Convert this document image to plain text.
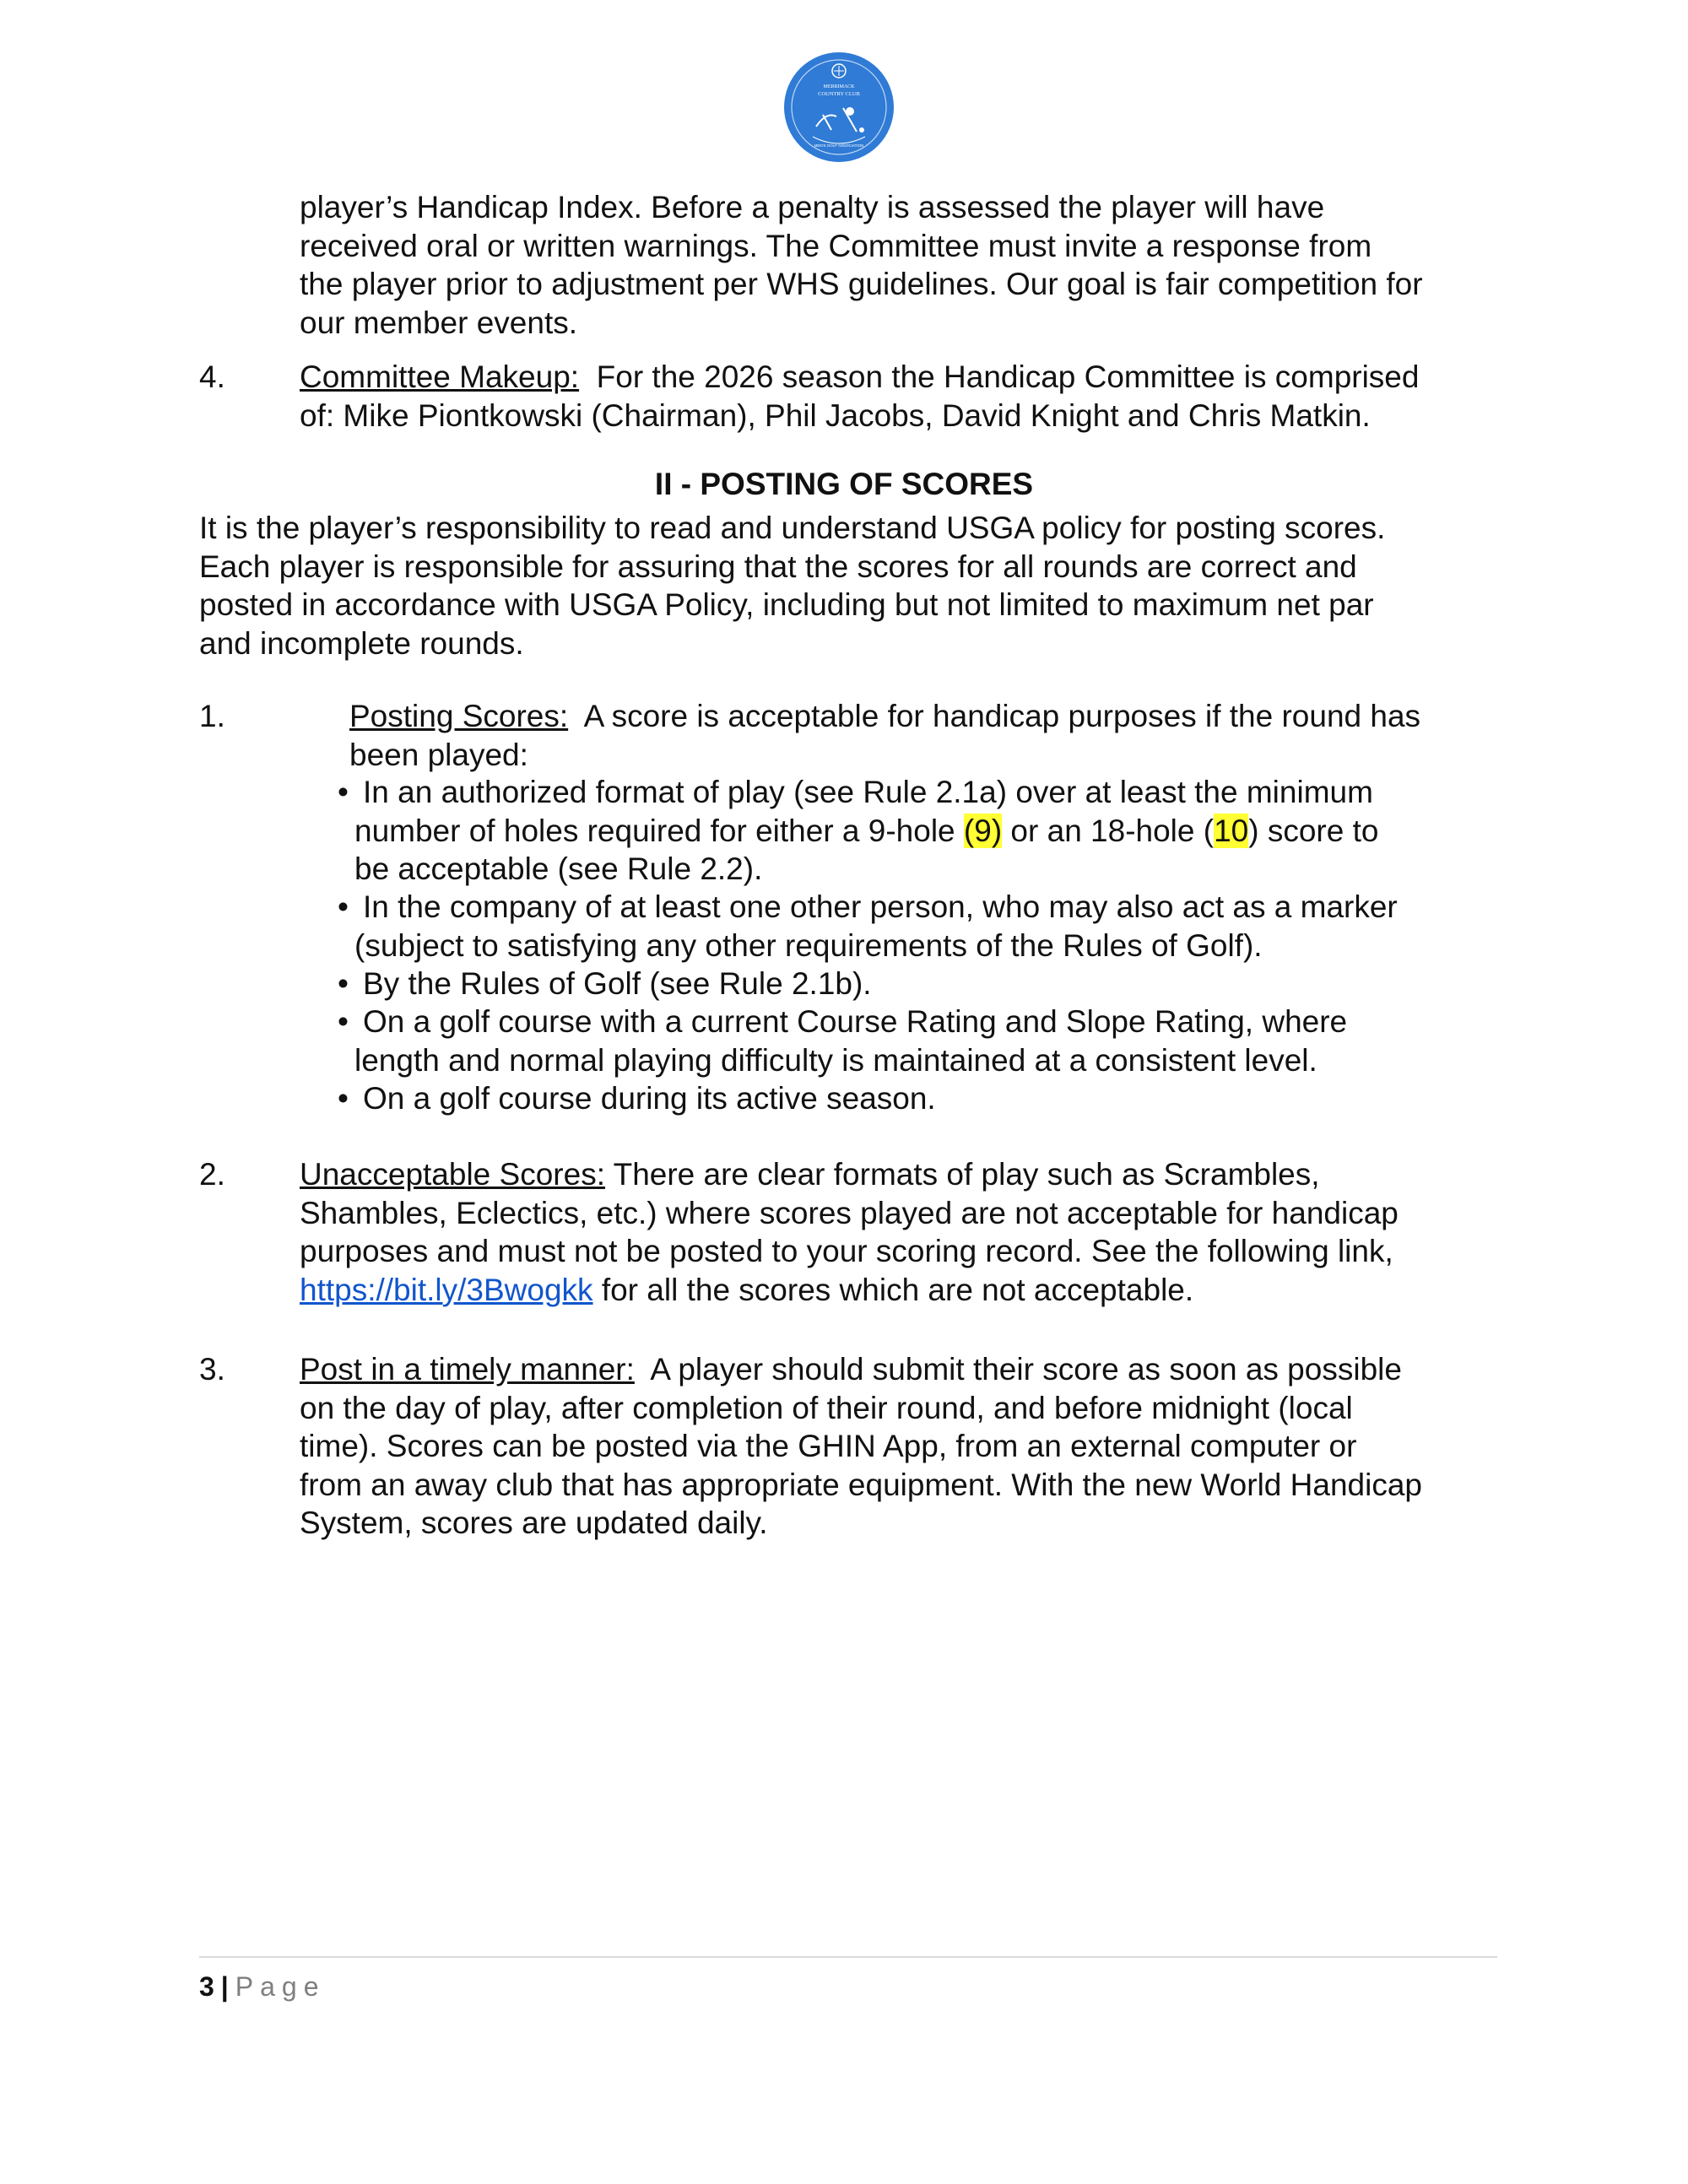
MERRIMACK
COUNTRY CLUB
MEN'S GOLF ASSOCIATION
player’s Handicap Index. Before a penalty is assessed the player will have
received oral or written warnings. The Committee must invite a response from
the player prior to adjustment per WHS guidelines. Our goal is fair competition for
our member events.
4. Committee Makeup:  For the 2026 season the Handicap Committee is comprised
of: Mike Piontkowski (Chairman), Phil Jacobs, David Knight and Chris Matkin.
II - POSTING OF SCORES
It is the player’s responsibility to read and understand USGA policy for posting scores.
Each player is responsible for assuring that the scores for all rounds are correct and
posted in accordance with USGA Policy, including but not limited to maximum net par
and incomplete rounds.
1.	Posting Scores:  A score is acceptable for handicap purposes if the round has
been played:
• In an authorized format of play (see Rule 2.1a) over at least the minimum
number of holes required for either a 9-hole (9) or an 18-hole (10) score to
be acceptable (see Rule 2.2).
• In the company of at least one other person, who may also act as a marker
(subject to satisfying any other requirements of the Rules of Golf).
• By the Rules of Golf (see Rule 2.1b).
• On a golf course with a current Course Rating and Slope Rating, where
length and normal playing difficulty is maintained at a consistent level.
• On a golf course during its active season.
2. Unacceptable Scores: There are clear formats of play such as Scrambles,
Shambles, Eclectics, etc.) where scores played are not acceptable for handicap
purposes and must not be posted to your scoring record. See the following link,
https://bit.ly/3Bwogkk for all the scores which are not acceptable.
3. Post in a timely manner:  A player should submit their score as soon as possible
on the day of play, after completion of their round, and before midnight (local
time). Scores can be posted via the GHIN App, from an external computer or
from an away club that has appropriate equipment. With the new World Handicap
System, scores are updated daily.
3 | Page
